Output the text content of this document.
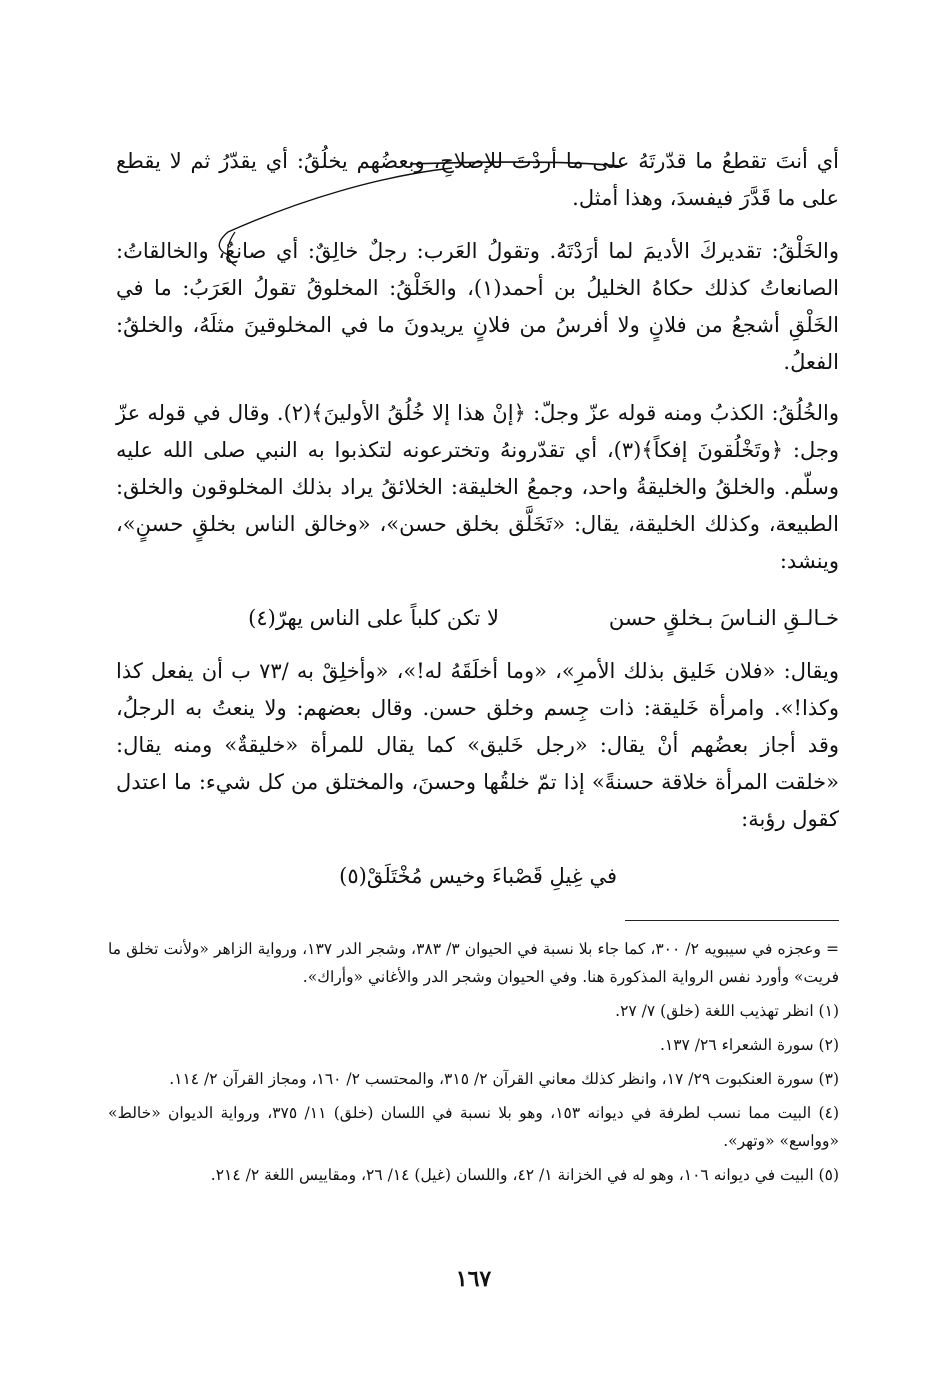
أي أنتَ تقطعُ ما قدّرتَهُ على ما أردْتَ للإصلاحِ، وبعضُهم يخلُقُ: أي يقدّرُ ثم لا يقطع على ما قَدَّرَ فيفسدَ، وهذا أمثل.

والخَلْقُ: تقديركَ الأديمَ لما أرَدْتَهُ. وتقولُ العَرب: رجلٌ خالِقٌ: أي صانعٌ، والخالقاتُ: الصانعاتُ كذلك حكاهُ الخليلُ بن أحمد(١)، والخَلْقُ: المخلوقُ تقولُ العَرَبُ: ما في الخَلْقِ أشجعُ من فلانٍ ولا أفرسُ من فلانٍ يريدونَ ما في المخلوقينَ مثلَهُ، والخلقُ: الفعلُ.

والخُلُقُ: الكذبُ ومنه قوله عزّ وجلّ: ﴿إنْ هذا إلا خُلُقُ الأولينَ﴾(٢). وقال في قوله عزّ وجل: ﴿وتَخْلُقونَ إفكاً﴾(٣)، أي تقدّرونهُ وتخترعونه لتكذبوا به النبي صلى الله عليه وسلّم. والخلقُ والخليقةُ واحد، وجمعُ الخليقة: الخلائقُ يراد بذلك المخلوقون والخلق: الطبيعة، وكذلك الخليقة، يقال: «تَخَلَّق بخلق حسن»، «وخالق الناس بخلقٍ حسنٍ»، وينشد:

خـالـقِ النـاسَ بـخلقٍ حسن
لا تكن كلباً على الناس يهرّ(٤)

ويقال: «فلان خَليق بذلك الأمرِ»، «وما أخلَقَهُ له!»، «وأخلِقْ به /٧٣ ب أن يفعل كذا وكذا!». وامرأة خَليقة: ذات جِسم وخلق حسن. وقال بعضهم: ولا ينعتُ به الرجلُ، وقد أجاز بعضُهم أنْ يقال: «رجل خَليق» كما يقال للمرأة «خليقةٌ» ومنه يقال: «خلقت المرأة خلاقة حسنةً» إذا تمّ خلقُها وحسنَ، والمختلق من كل شيء: ما اعتدل كقول رؤبة:

في غِيلِ قَصْباءَ وخيس مُخْتَلَقْ(٥)

= وعجزه في سيبويه ٢/ ٣٠٠، كما جاء بلا نسبة في الحيوان ٣/ ٣٨٣، وشجر الدر ١٣٧، ورواية الزاهر «ولأنت تخلق ما فريت» وأورد نفس الرواية المذكورة هنا. وفي الحيوان وشجر الدر والأغاني «وأراك».

(١) انظر تهذيب اللغة (خلق) ٧/ ٢٧.

(٢) سورة الشعراء ٢٦/ ١٣٧.

(٣) سورة العنكبوت ٢٩/ ١٧، وانظر كذلك معاني القرآن ٢/ ٣١٥، والمحتسب ٢/ ١٦٠، ومجاز القرآن ٢/ ١١٤.

(٤) البيت مما نسب لطرفة في ديوانه ١٥٣، وهو بلا نسبة في اللسان (خلق) ١١/ ٣٧٥، ورواية الديوان «خالط» «وواسع» «وتهر».

(٥) البيت في ديوانه ١٠٦، وهو له في الخزانة ١/ ٤٢، واللسان (غيل) ١٤/ ٢٦، ومقاييس اللغة ٢/ ٢١٤.

١٦٧
